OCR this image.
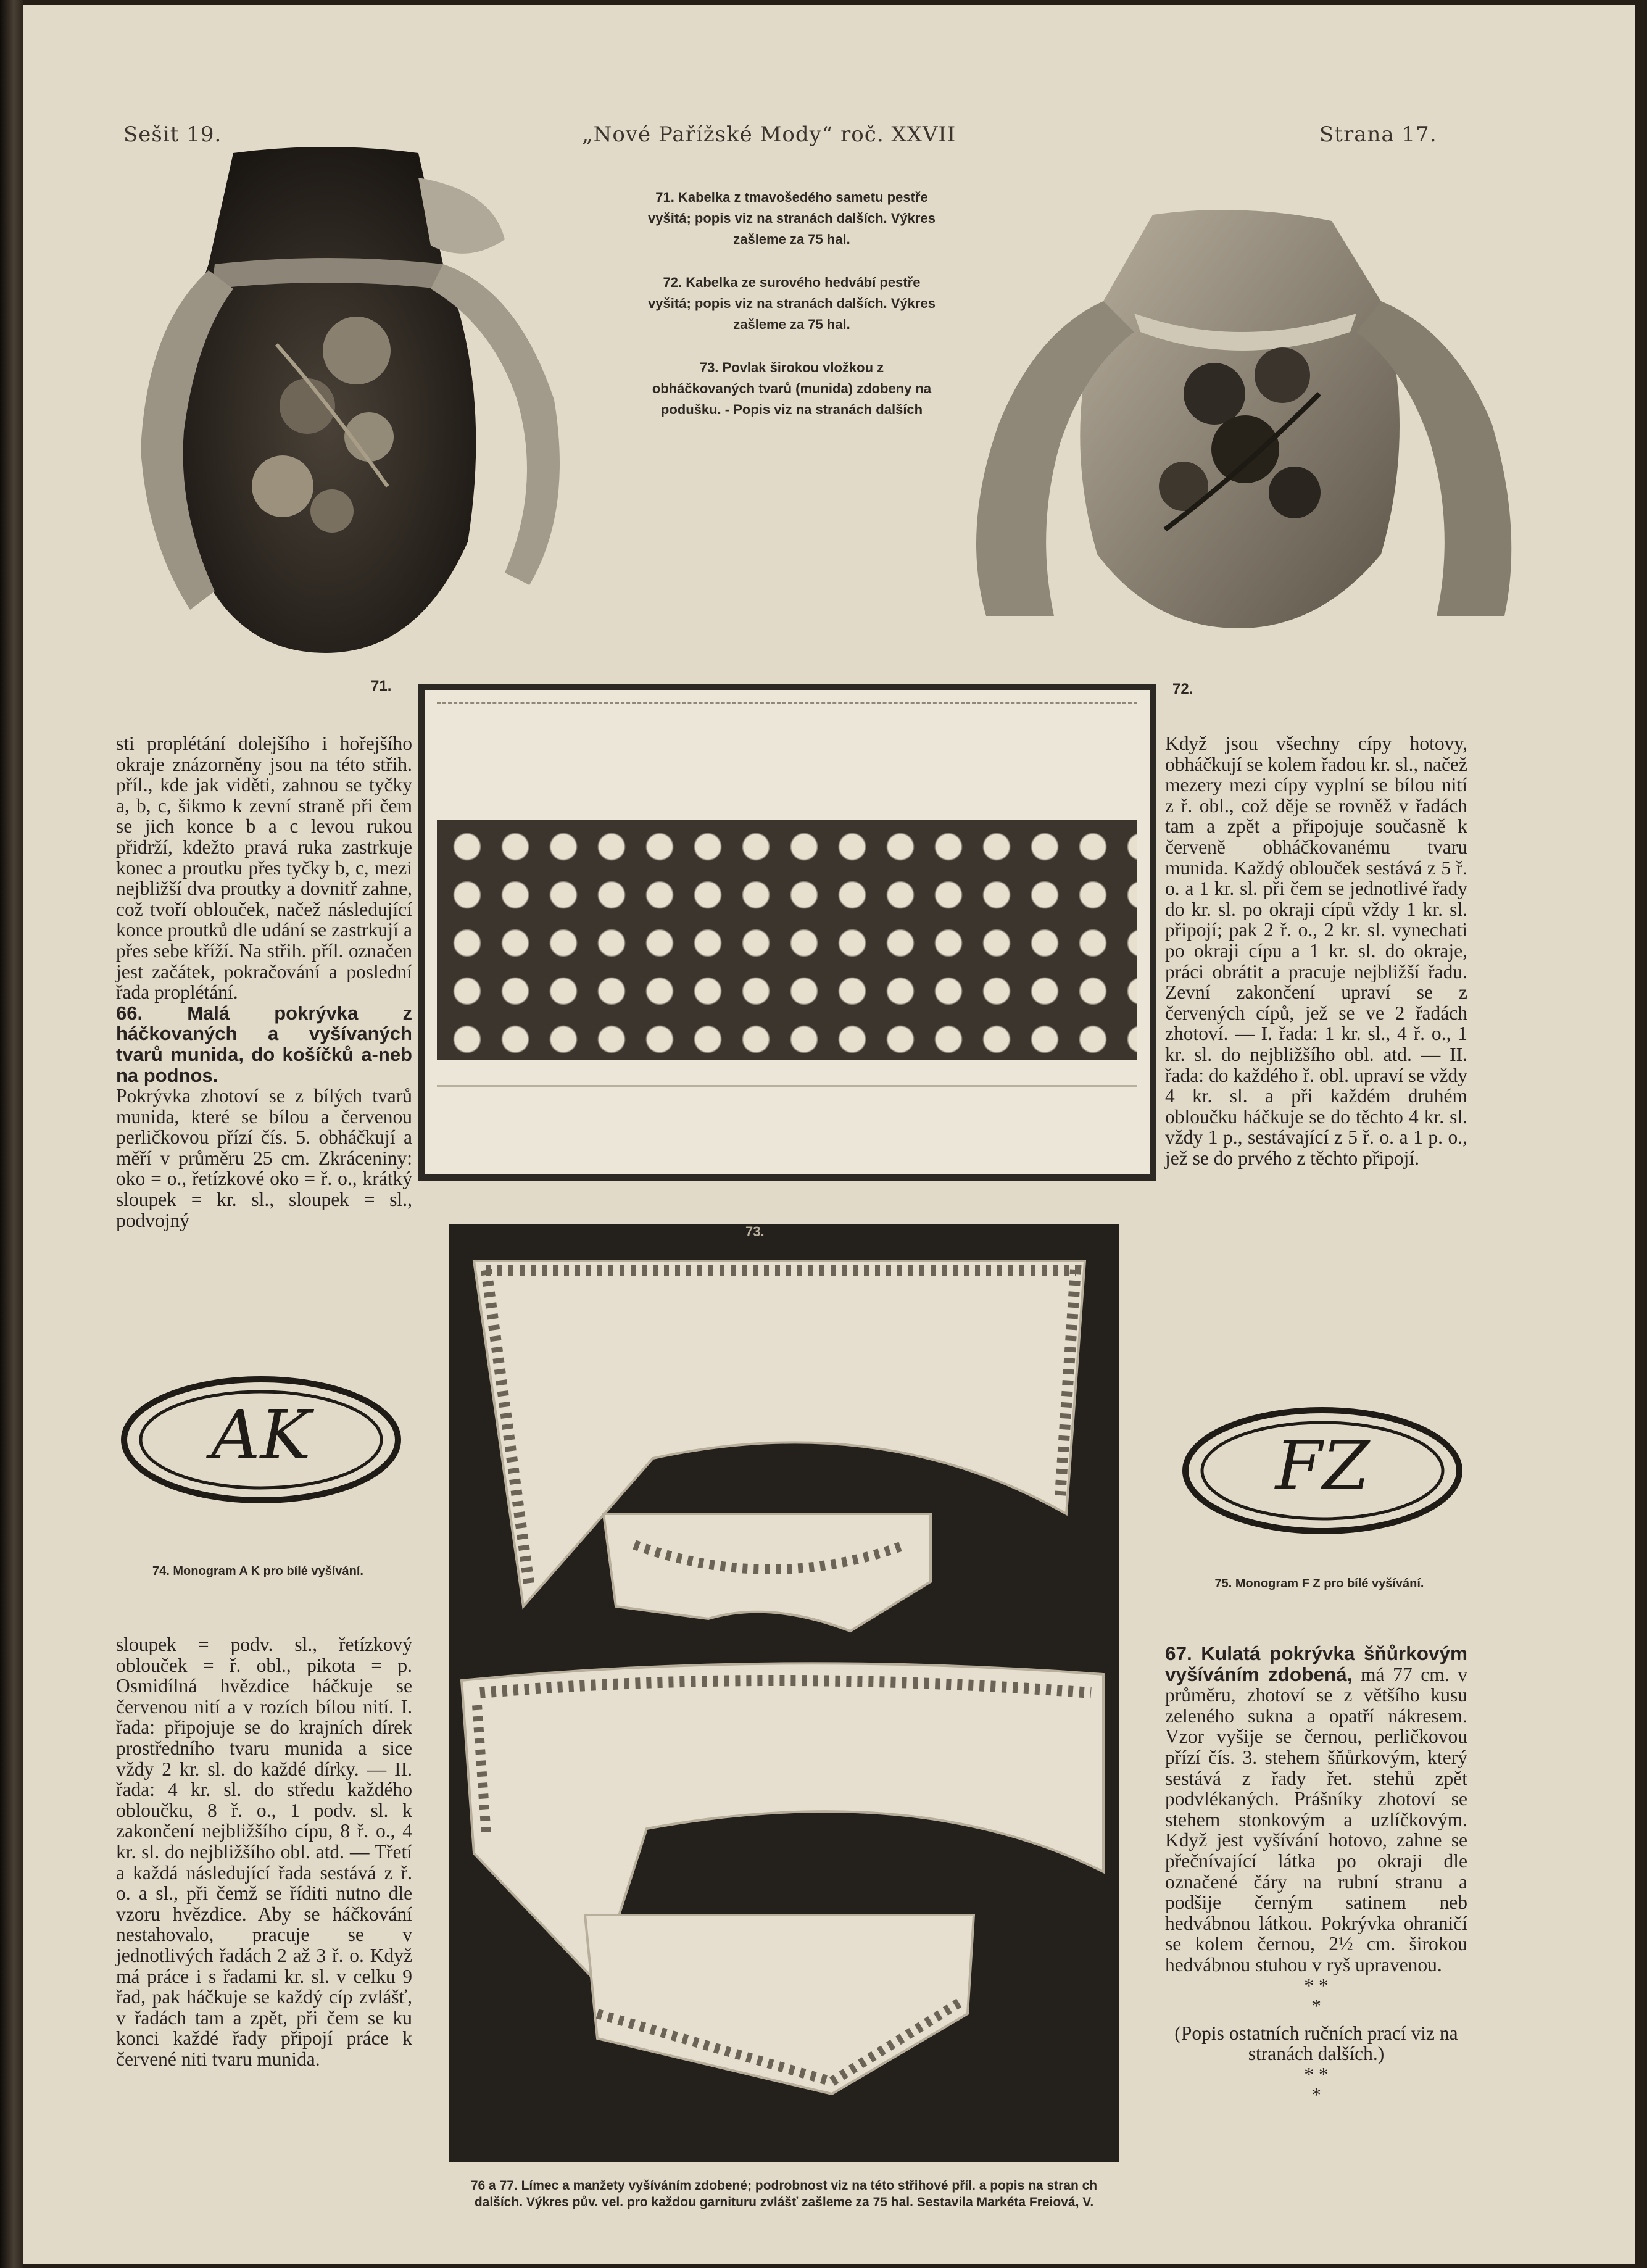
Sešit 19.	„Nové Pařížské Mody“ roč. XXVII	Strana 17.

71. Kabelka z tmavošedého sametu pestře vyšitá; popis viz na stranách dalších. Výkres zašleme za 75 hal.

72. Kabelka ze surového hedvábí pestře vyšitá; popis viz na stranách dalších. Výkres zašleme za 75 hal.

73. Povlak širokou vložkou z obháčkovaných tvarů (munida) zdobeny na podušku. - Popis viz na stranách dalších

71.	72.
73.

sti proplétání dolejšího i hořejšího okraje znázorněny jsou na této střih. příl., kde jak viděti, zahnou se tyčky a, b, c, šikmo k zevní straně při čem se jich konce b a c levou rukou přidrží, kdežto pravá ruka zastrkuje konec a proutku přes tyčky b, c, mezi nejbližší dva proutky a dovnitř zahne, což tvoří oblouček, načež následující konce proutků dle udání se zastrkují a přes sebe kříží. Na střih. příl. označen jest začátek, pokračování a poslední řada proplétání.

66. Malá pokrývka z háčkovaných a vyšívaných tvarů munida, do košíčků a-neb na podnos.

Pokrývka zhotoví se z bílých tvarů munida, které se bílou a červenou perličkovou přízí čís. 5. obháčkují a měří v průměru 25 cm. Zkráceniny: oko = o., řetízkové oko = ř. o., krátký sloupek = kr. sl., sloupek = sl., podvojný

AK
74. Monogram A K pro bílé vyšívání.

sloupek = podv. sl., řetízkový oblouček = ř. obl., pikota = p. Osmidílná hvězdice háčkuje se červenou nití a v rozích bílou nití. I. řada: připojuje se do krajních dírek prostředního tvaru munida a sice vždy 2 kr. sl. do každé dírky. — II. řada: 4 kr. sl. do středu každého obloučku, 8 ř. o., 1 podv. sl. k zakončení nejbližšího cípu, 8 ř. o., 4 kr. sl. do nejbližšího obl. atd. — Třetí a každá následující řada sestává z ř. o. a sl., při čemž se říditi nutno dle vzoru hvězdice. Aby se háčkování nestahovalo, pracuje se v jednotlivých řadách 2 až 3 ř. o. Když má práce i s řadami kr. sl. v celku 9 řad, pak háčkuje se každý cíp zvlášť, v řadách tam a zpět, při čem se ku konci každé řady připojí práce k červené niti tvaru munida.

Když jsou všechny cípy hotovy, obháčkují se kolem řadou kr. sl., načež mezery mezi cípy vyplní se bílou nití z ř. obl., což děje se rovněž v řadách tam a zpět a připojuje současně k červeně obháčkovanému tvaru munida. Každý oblouček sestává z 5 ř. o. a 1 kr. sl. při čem se jednotlivé řady do kr. sl. po okraji cípů vždy 1 kr. sl. připojí; pak 2 ř. o., 2 kr. sl. vynechati po okraji cípu a 1 kr. sl. do okraje, práci obrátit a pracuje nejbližší řadu. Zevní zakončení upraví se z červených cípů, jež se ve 2 řadách zhotoví. — I. řada: 1 kr. sl., 4 ř. o., 1 kr. sl. do nejbližšího obl. atd. — II. řada: do každého ř. obl. upraví se vždy 4 kr. sl. a při každém druhém obloučku háčkuje se do těchto 4 kr. sl. vždy 1 p., sestávající z 5 ř. o. a 1 p. o., jež se do prvého z těchto připojí.

FZ
75. Monogram F Z pro bílé vyšívání.

67. Kulatá pokrývka šňůrkovým vyšíváním zdobená, má 77 cm. v průměru, zhotoví se z většího kusu zeleného sukna a opatří nákresem. Vzor vyšije se černou, perličkovou přízí čís. 3. stehem šňůrkovým, který sestává z řady řet. stehů zpět podvlékaných. Prášníky zhotoví se stehem stonkovým a uzlíčkovým. Když jest vyšívání hotovo, zahne se přečnívající látka po okraji dle označené čáry na rubní stranu a podšije černým satinem neb hedvábnou látkou. Pokrývka ohraničí se kolem černou, 2½ cm. širokou hedvábnou stuhou v ryš upravenou.

* *

*

(Popis ostatních ručních prací viz na stranách dalších.)

* *

*

76 a 77. Límec a manžety vyšíváním zdobené; podrobnost viz na této střihové příl. a popis na stran ch dalších. Výkres pův. vel. pro každou garnituru zvlášť zašleme za 75 hal. Sestavila Markéta Freiová, V.
